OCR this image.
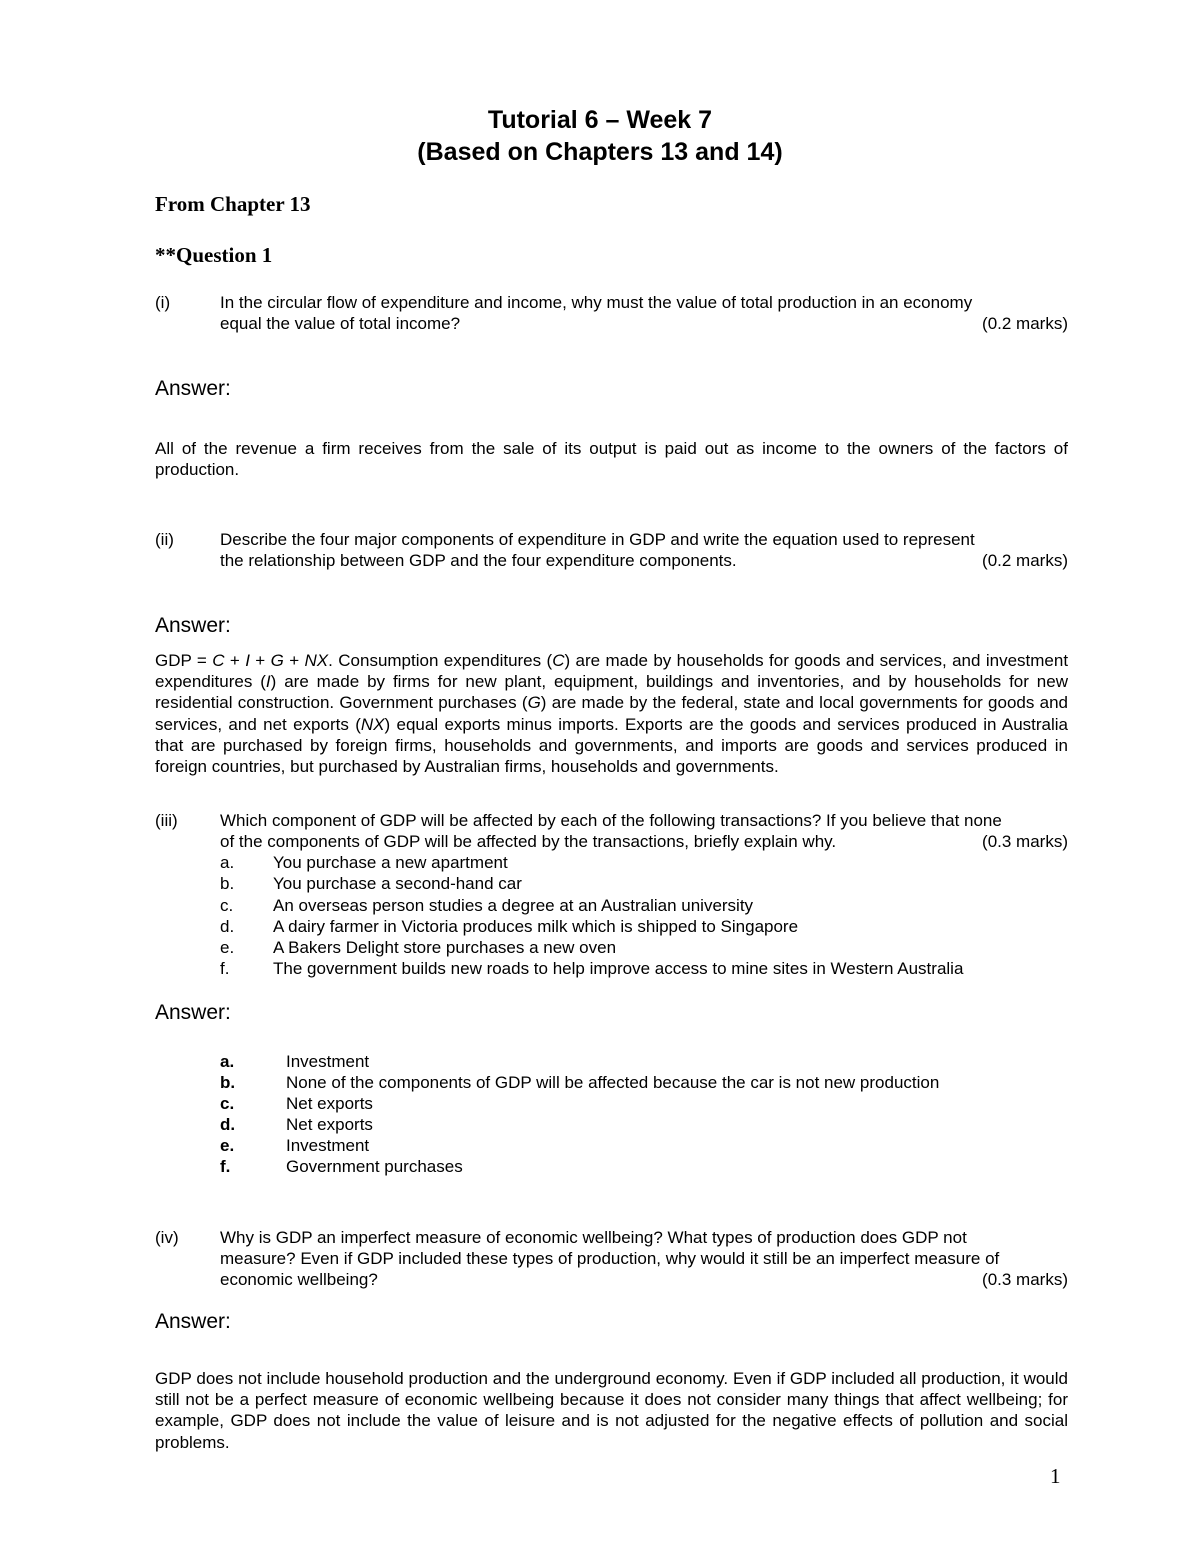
Tutorial 6 – Week 7

(Based on Chapters 13 and 14)

From Chapter 13

**Question 1

(i)	In the circular flow of expenditure and income, why must the value of total production in an economy
(0.2 marks)
equal the value of total income?

Answer:

All of the revenue a firm receives from the sale of its output is paid out as income to the owners of the factors of production.

(ii)	Describe the four major components of expenditure in GDP and write the equation used to represent
(0.2 marks)
the relationship between GDP and the four expenditure components.

Answer:

GDP = C + I + G + NX. Consumption expenditures (C) are made by households for goods and services, and investment expenditures (I) are made by firms for new plant, equipment, buildings and inventories, and by households for new residential construction. Government purchases (G) are made by the federal, state and local governments for goods and services, and net exports (NX) equal exports minus imports. Exports are the goods and services produced in Australia that are purchased by foreign firms, households and governments, and imports are goods and services produced in foreign countries, but purchased by Australian firms, households and governments.

(iii) Which component of GDP will be affected by each of the following transactions? If you believe that none
(0.3 marks)
of the components of GDP will be affected by the transactions, briefly explain why.
a.	You purchase a new apartment
b.	You purchase a second-hand car
c.	An overseas person studies a degree at an Australian university
d.	A dairy farmer in Victoria produces milk which is shipped to Singapore
e.	A Bakers Delight store purchases a new oven
f.	The government builds new roads to help improve access to mine sites in Western Australia

Answer:

a.	Investment
b.	None of the components of GDP will be affected because the car is not new production
c.	Net exports
d.	Net exports
e.	Investment
f.	Government purchases

(iv) Why is GDP an imperfect measure of economic wellbeing? What types of production does GDP not
measure? Even if GDP included these types of production, why would it still be an imperfect measure of
(0.3 marks)
economic wellbeing?

Answer:

GDP does not include household production and the underground economy. Even if GDP included all production, it would still not be a perfect measure of economic wellbeing because it does not consider many things that affect wellbeing; for example, GDP does not include the value of leisure and is not adjusted for the negative effects of pollution and social problems.

1
